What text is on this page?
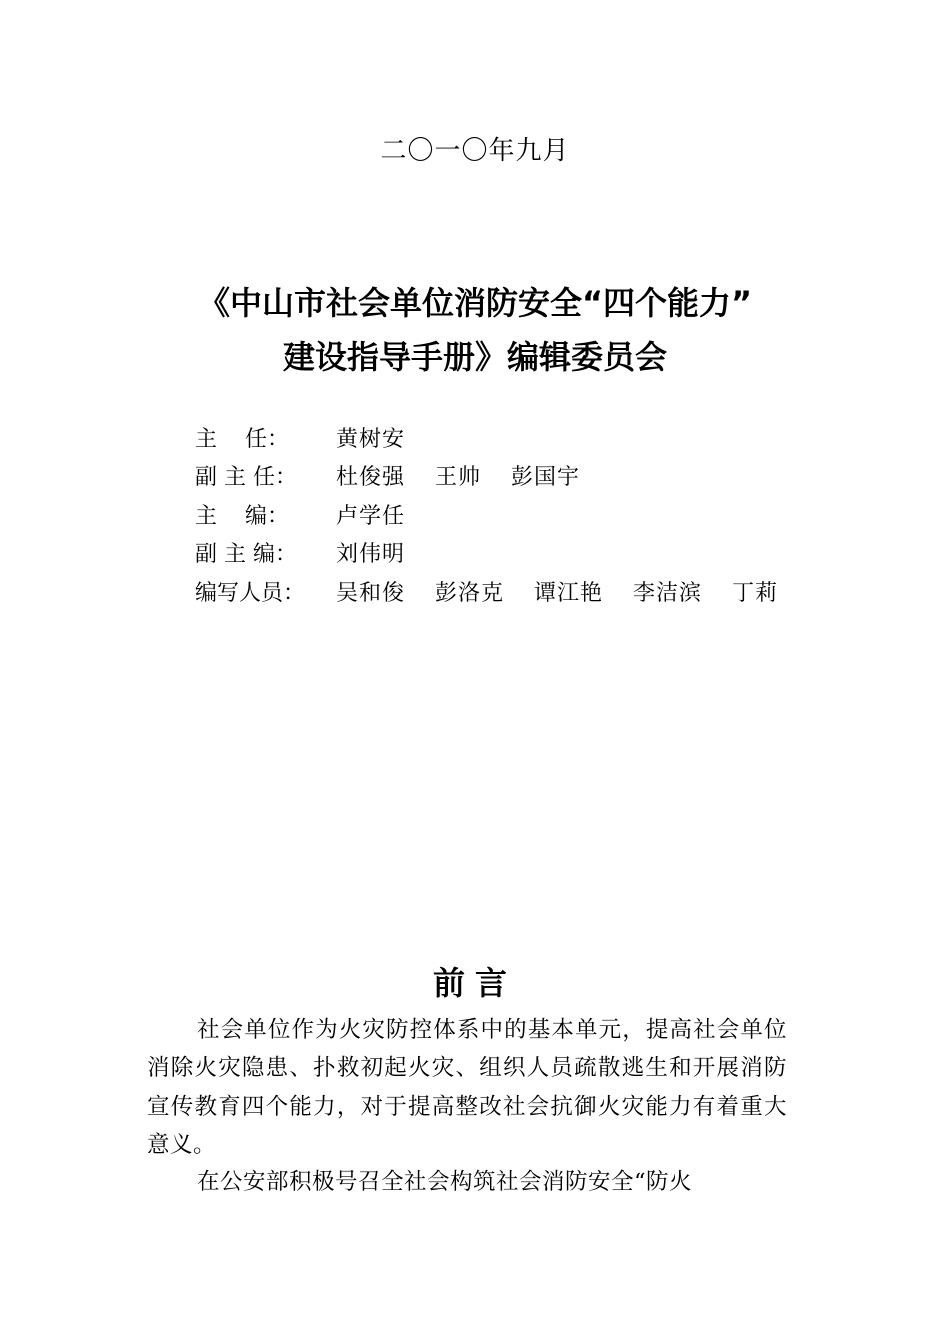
二〇一〇年九月
《中山市社会单位消防安全“四个能力”
建设指导手册》编辑委员会
主    任：	黄树安
副 主 任：	杜俊强 王帅 彭国宇
主    编：	卢学任
副 主 编：	刘伟明
编写人员：	吴和俊 彭洛克 谭江艳 李洁滨 丁莉
前言
社会单位作为火灾防控体系中的基本单元，提高社会单位消除火灾隐患、扑救初起火灾、组织人员疏散逃生和开展消防宣传教育四个能力，对于提高整改社会抗御火灾能力有着重大意义。
在公安部积极号召全社会构筑社会消防安全“防火
